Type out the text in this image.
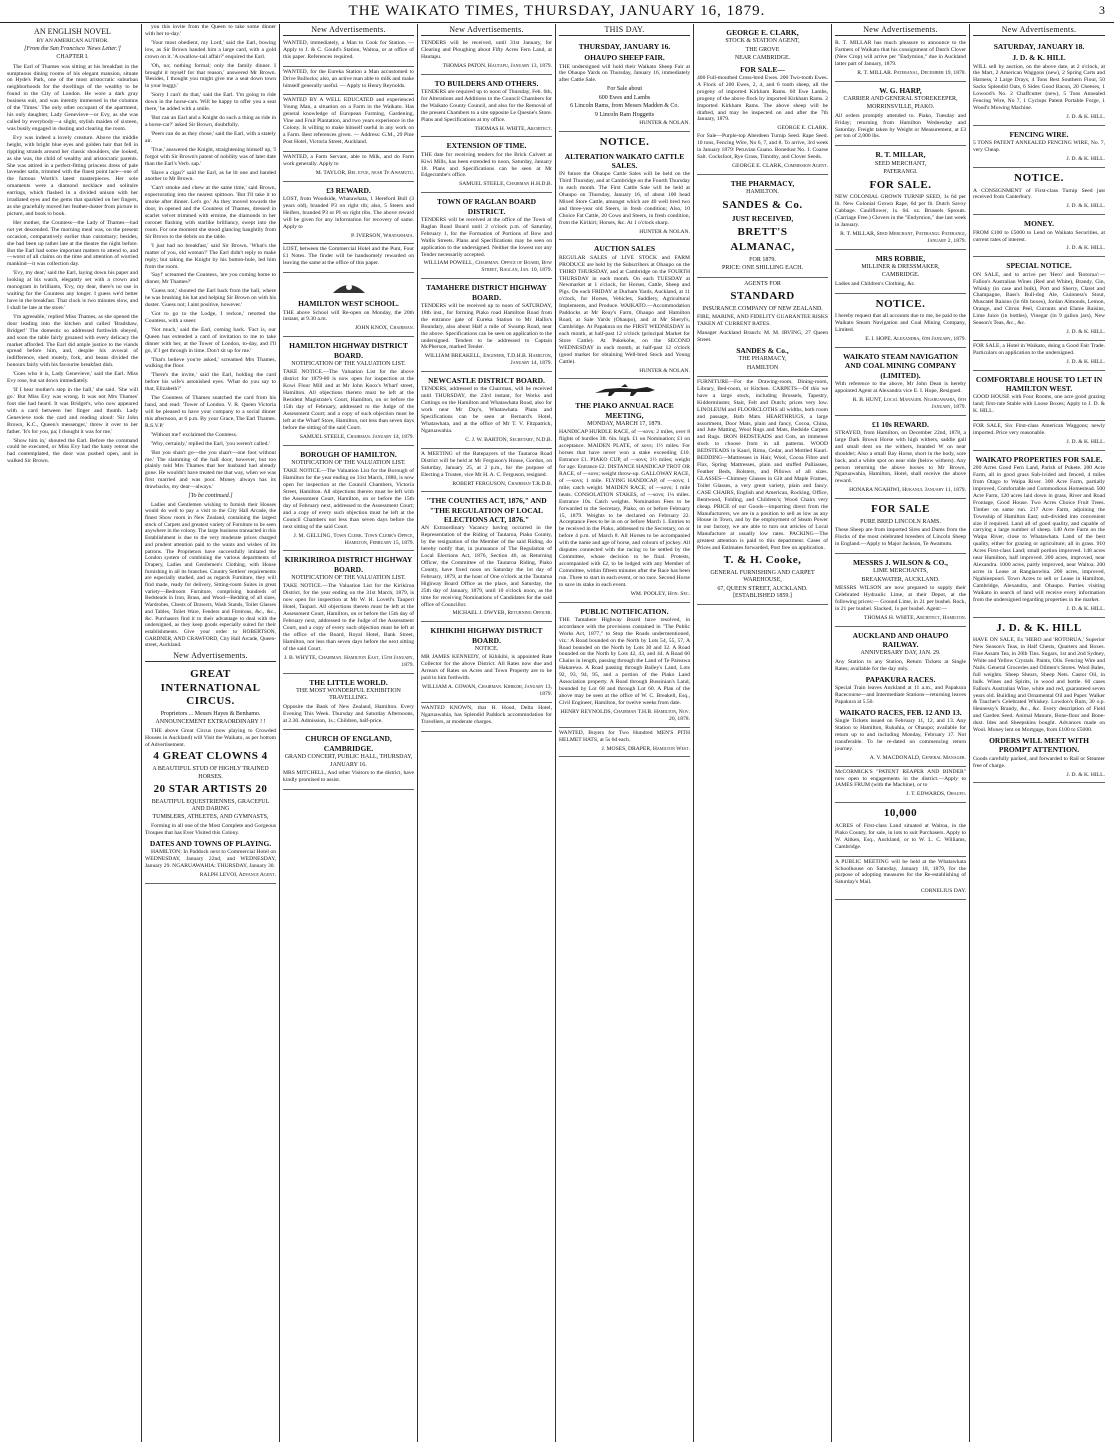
THE WAIKATO TIMES, THURSDAY, JANUARY 16, 1879.	3
AN ENGLISH NOVEL
BY AN AMERICAN AUTHOR.
[From the San Francisco 'News Letter.']
CHAPTER I.

The Earl of Thames was sitting at his breakfast in the sumptuous dining rooms of his elegant mansion, situate on Hyde's Park, one of the most aristocratic suburban neighborhoods for the dwellings of the wealthy to be found in the City of London. He wore a dark gray business suit, and was intently immersed in the columns of the 'Times.' The only other occupant of the apartment, his only daughter, Lady Genevieve—or Evy, as she was called by everybody—a slight, stylish maiden of sixteen, was busily engaged in dusting and clearing the room.

Evy was indeed a lovely creature. Above the middle height, with bright blue eyes and golden hair that fell in rippling strands around her classic shoulders, she looked, as she was, the child of wealthy and aristocratic parents. She was attired in a perfect-fitting princess dress of pale lavender satin, trimmed with the finest point lace—one of the famous Worth's latest masterpieces. Her sole ornaments were a diamond necklace and solitaire earrings, which flashed in a divided unison with her irradiated eyes and the gems that sparkled on her fingers, as she gracefully moved her feather-duster from picture to picture, and book to book.

Her mother, the Countess—the Lady of Thames—had not yet descended. The morning meal was, on the present occasion, comparatively earlier than customary; besides, she had been up rather late at the theatre the night before. But the Earl had some important matters to attend to, and—worst of all claims on the time and attention of worried mankind—it was collection day.

'Evy, my dear,' said the Earl, laying down his paper and looking at his watch, elegantly set with a crown and monogram in brilliants, 'Evy, my dear, there's no use in waiting for the Countess any longer. I guess we'd better have in the breakfast. That clock is two minutes slow, and I shall be late at the store.'

'I'm agreeable,' replied Miss Thames, as she opened the door leading into the kitchen and called 'Bradshaw, Bridget!' The domestic so addressed forthwith obeyed, and soon the table fairly groaned with every delicacy the market afforded. The Earl did ample justice to the viands spread before him, and, despite his avowal of indifference, shed mutely, fork, and beans divided the honours fairly with his favourite breakfast dish.

'Goes who it is, Lady Genevieve,' said the Earl. Miss Evy rose, but sat down immediately.

'If I hear mother's step in the hall,' she said. 'She will go.' But Miss Evy was wrong. It was not Mrs Thames' foot she had heard. It was Bridget's, who now appeared with a card between her finger and thumb. Lady Genevieve took the card and reading aloud: 'Sir John Brown, K.C., Queen's messenger,' threw it over to her father. 'It's for you, pa; I thought it was for me.'

'Show him in,' shouted the Earl. Before the command could be executed, or Miss Evy had the hasty retreat she had contemplated, the door was pushed open, and in walked Sir Brown.

you this invite from the Queen to take some dinner with her to-day.'

'Your most obedient, my Lord,' said the Earl, bowing low, as Sir Brown handed him a large card, with a gold crown on it. 'A swallow-tail affair?' enquired the Earl.

'Oh, no; nothing formal; only the family dinner. I brought it myself for that reason,' answered Mr Brown. 'Besides, I thought you might give me a seat down town in your buggy.'

'Sorry I can't do that,' said the Earl. 'I'm going to ride down in the horse-cars. Will be happy to offer you a seat there,' he added with a smile.

'But can an Earl and a Knight do such a thing as ride in a horse-car?' asked Sir Brown, doubtfully.

'Peers can do as they chose,' said the Earl, with a stately air.

'True,' answered the Knight, straightening himself up, 'I forgot with Sir Brown's patent of nobility was of later date than the Earl's Verb. sap.'

'Have a cigar?' said the Earl, as he lit one and handed another to Mr Brown.

'Can't smoke and chew at the same time,' said Brown, expectorating into the nearest spittoon. 'But I'll take it to smoke after dinner. Let's go.' As they moved towards the door, in opened and the Countess of Thames, dressed in scarlet velvet trimmed with ermine, the diamonds in her coronet flashing with starlike brilliancy, swept into the room. For one moment she stood glancing haughtily from Sir Brown to the debris on the table.

'I just had no breakfast,' said Sir Brown. 'What's the matter of you, old woman?' The Earl didn't reply to make reply; but taking the Knight by his button-hole, led him from the room.

'Say!' screamed the Countess, 'are you coming home to dinner, Mr Thames?'

'Guess not,' shouted the Earl back from the hall, where he was brushing his hat and helping Sir Brown on with his duster. 'Guess not; I aint positive, however.'

'Got to go to the Lodge, I reckon,' retorted the Countess, with a sneer.

'Not much,' said the Earl, coming back. 'Fact is, our Queen has extended a card of invitation to me to take dinner with her, at the Tower of London, to-day, and I'll go, if I get through in time. Don't sit up for me.'

'That's believe you're asked,' screamed Mrs Thames, walking the floor.

'There's the invite,' said the Earl, holding the card before his wife's astonished eyes. 'What do you say to that, Elizabeth?'

The Countess of Thames snatched the card from his hand, and read: 'Tower of London. V. R. Queen Victoria will be pleased to have your company to a social dinner this afternoon, at 6 p.m. By your Grace, The Earl Thames. R.S.V.P.'

'Without me!' exclaimed the Countess.

'Why, certainly,' replied the Earl, 'you weren't called.'

'But you shan't go—the you shan't—one foot without me.' The slamming of the hall door, however, but too plainly told Mrs Thames that her husband had already gone. He wouldn't have treated me that way, when we was first married and was poor. Money always has its drawbacks, my dear—always.'

[To be continued.]

Ladies and Gentlemen wishing to furnish their Houses would do well to pay a visit to the City Hall Arcade, the finest Show room in New Zealand, containing the largest stock of Carpets and greatest variety of Furniture to be seen anywhere in the colony. The large business transacted in this Establishment is due to the very moderate prices charged and prudent attention paid to the wants and wishes of its patrons. The Proprietors have successfully imitated the London system of combining the various departments of Drapery, Ladies and Gentlemen's Clothing, with House furnishing in all its branches. Country Settlers' requirements are especially studied, and as regards Furniture, they will find made, ready for delivery, Sitting-room Suites in great variety—Bedroom Furniture, comprising hundreds of Bedsteads in Iron, Brass, and Wood—Bedding of all sizes, Wardrobes, Chests of Drawers, Wash Stands, Toilet Glasses and Tables, Toilet Ware, Fenders and Fireirons, &c., &c., &c. Purchasers find it to their advantage to deal with the undersigned, as they keep goods especially suited for their establishments. Give your order to ROBERTSON, GARDNER, AND CRAWFORD, City Hall Arcade, Queen-street, Auckland.

New Advertisements.
GREAT INTERNATIONAL CIRCUS.
Proprietors ... Messrs Hayes & Benhamo.
ANNOUNCEMENT EXTRAORDINARY ! !

THE above Great Circus (now playing to Crowded Houses in Auckland) will Visit the Waikato, as per bottom of Advertisement.

4 GREAT CLOWNS 4
A BEAUTIFUL STUD OF HIGHLY TRAINED HORSES.
20 STAR ARTISTS 20
BEAUTIFUL EQUESTRIENNES, GRACEFUL AND DARING
TUMBLERS, ATHLETES, AND GYMNASTS,

Forming in all one of the Most Complete and Gorgeous Troupes that has Ever Visited this Colony.

DATES AND TOWNS OF PLAYING.

HAMILTON: In Paddock next to Commercial Hotel on WEDNESDAY, January 22nd, and WEDNESDAY, January 29. NGARUAWAHIA: THURSDAY, January 30.

RALPH LEVOI, Advance Agent.
New Advertisements.

WANTED, immediately, a Man to Cook for Station. — Apply to J. & C. Gould's Station, Waitoa, or at office of this paper. References required.

WANTED, for the Eureka Station a Man accustomed to Drive Bullocks; also, an active man able to milk and make himself generally useful. — Apply to Henry Reynolds.

WANTED BY A WELL EDUCATED and experienced Young Man, a situation on a Farm in the Waikato. Has general knowledge of European Farming, Gardening, Vine and Fruit Plantation, and two years experience in the Colony. Is willing to make himself useful in any work on a Farm. Best references given. — Address: G.M., 29 Pine Post Hotel, Victoria Street, Auckland.

WANTED, a Farm Servant, able to Milk, and do Farm work generally. Apply to

M. TAYLOR, Bel evue, near Te Awamutu.
£3 REWARD.

LOST, from Woodside, Whatawhata, 1 Hereford Bull (3 years old), branded P3 on right rib; also, 5 Steers and Heifers, branded P3 or PI on right ribs. The above reward will be given for any information for recovery of same. Apply to

P. IVERSON, Whatawhata.

LOST, between the Commercial Hotel and the Punt, Four £1 Notes. The finder will be handsomely rewarded on leaving the same at the office of this paper.

HAMILTON WEST SCHOOL.

THE above School will Re-open on Monday, the 20th instant, at 9.30 a.m.

JOHN KNOX, Chairman.
HAMILTON HIGHWAY DISTRICT BOARD.
NOTIFICATION OF THE VALUATION LIST.

TAKE NOTICE.—The Valuation List for the above district for 1879-80 is now open for inspection at the Kowi Flour Mill and at Mr John Knox's Wharf street, Hamilton. All objections thereto must be left at the Resident Magistrate's Court, Hamilton, on or before the 15th day of February, addressed to the Judge of the Assessment Court; and a copy of such objection must be left at the Wharf Store, Hamilton, not less than seven days before the sitting of the said Court.

SAMUEL STEELE, Chairman. January 14, 1879.
BOROUGH OF HAMILTON.
NOTIFICATION OF THE VALUATION LIST.

TAKE NOTICE.—The Valuation List for the Borough of Hamilton for the year ending on 31st March, 1880, is now open for inspection at the Council Chambers, Victoria Street, Hamilton. All objections thereto must be left with the Assessment Court, Hamilton, on or before the 15th day of February next, addressed to the Assessment Court; and a copy of every such objection must be left at the Council Chambers not less than seven days before the next sitting of the said Court.

J. M. GELLING, Town Clerk. Town Clerk's Office, Hamilton, February 15, 1879.
KIRIKIRIROA DISTRICT HIGHWAY BOARD.
NOTIFICATION OF THE VALUATION LIST.

TAKE NOTICE.—The Valuation List for the Kirikiroa District, for the year ending on the 31st March, 1879, is now open for inspection at Mr W. H. Lovell's Tauperi Hotel, Taupari. All objections thereto must be left at the Assessment Court, Hamilton, on or before the 15th day of February next, addressed to the Judge of the Assessment Court, and a copy of every such objection must be left at the office of the Board, Royal Hotel, Bank Street, Hamilton, not less than seven days before the next sitting of the said Court.

J. B. WHYTE, Chairman. Hamilton East, 15th January, 1879.
THE LITTLE WORLD.
THE MOST WONDERFUL EXHIBITION TRAVELLING.

Opposite the Bank of New Zealand, Hamilton. Every Evening This Week. Thursday and Saturday Afternoons, at 2.30. Admission, 1s.; Children, half-price.

CHURCH OF ENGLAND, CAMBRIDGE.
GRAND CONCERT, PUBLIC HALL, THURSDAY, JANUARY 16.

MRS MITCHELL, And other Visitors to the district, have kindly promised to assist.

New Advertisements.

TENDERS will be received, until 31st January, for Clearing and Ploughing about Fifty Acres Fern Land, at Hautapu.

THOMAS PATON. Hautapu, January 13, 1879.
TO BUILDERS AND OTHERS.

TENDERS are required up to noon of Thursday, Feb. 6th, for Alterations and Additions to the Council Chambers for the Waikato County Council, and also for the Removal of the present Chambers to a site opposite Le Quesne's Store. Plans and Specifications at my office.

THOMAS H. WHITE, Architect.
EXTENSION OF TIME.

THE date for receiving tenders for the Brick Culvert at Kiwi Mills, has been extended to noon, Saturday, January 18. Plans and Specifications can be seen at Mr Edgecumbe's office.

SAMUEL STEELE, Chairman H.H.D.B.
TOWN OF RAGLAN BOARD DISTRICT.

TENDERS will be received at the office of the Town of Raglan Road Board until 2 o'clock p.m. of Saturday, February 1, for the Formation of Portions of Bow and Wallis Streets. Plans and Specifications may be seen on application to the undersigned. Neither the lowest nor any Tender necessarily accepted.

WILLIAM POWELL, Chairman. Office of Board, Bow Street, Raglan, Jan. 10, 1879.
TAMAHERE DISTRICT HIGHWAY BOARD.

TENDERS will be received up to noon of SATURDAY, 18th inst., for forming Piako road Hamilton Road from the entrance gate of Eureka Station to Mr Hallis's Boundary, also about Half a mile of Swamp Road, near the above. Specifications can be seen on application to the undersigned. Tenders to be addressed to Captain McPherson, marked Tender.

WILLIAM BREAKELL, Engineer, T.D.H.B. Hamilton, January 14, 1879.
NEWCASTLE DISTRICT BOARD.

TENDERS, addressed to the Chairman, will be received until THURSDAY, the 23rd instant, for Works and Cuttings on the Hamilton and Whatawhata Road, also for work near Mr Day's, Whatawhata. Plans and Specifications can be seen at Bernard's Hotel, Whatawhata, and at the office of Mr T. V. Fitzpatrick, Ngaruawahia.

C. J. W. BARTON, Secretary, N.D.B.

A MEETING of the Ratepayers of the Tautaroa Road District will be held at Mr Ferguson's House, Gordon, on Saturday, January 25, at 2 p.m., for the purpose of Electing a Trustee, vice Mr H. A. C. Ferguson, resigned.

ROBERT FERGUSON, Chairman T.R.D.B.
"THE COUNTIES ACT, 1876," AND "THE REGULATION OF LOCAL ELECTIONS ACT, 1876."

AN Extraordinary Vacancy having occurred in the Representation of the Riding of Tautaroa, Piako County, by the resignation of the Member of the said Riding, do hereby notify that, in pursuance of The Regulation of Local Elections Act, 1876, Section 46, as Returning Officer, the Committee of the Tautaroa Riding, Piako County, have fixed noon on Saturday the 1st day of February, 1879, at the hour of One o'clock at the Tautaroa Highway Board Office as the place, and Saturday, the 25th day of January, 1879, until 10 o'clock noon, as the time for receiving Nominations of Candidates for the said office of Councillor.

MICHAEL J. DWYER, Returning Officer.
KIHIKIHI HIGHWAY DISTRICT BOARD.
NOTICE.

MR JAMES KENNEDY, of Kihikihi, is appointed Rate Collector for the above District. All Rates now due and Arrears of Rates on Acres and Town Property are to be paid to him forthwith.

WILLIAM A. COWAN, Chairman. Kihikihi, January 13, 1879.

WANTED KNOWN, that H. Hood, Delta Hotel, Ngaruawahia, has Splendid Paddock accommodation for Travellers, at moderate charges.

THIS DAY.
THURSDAY, JANUARY 16.
OHAUPO SHEEP FAIR.

THE undersigned will hold their Waikato Sheep Fair at the Ohaupo Yards on Thursday, January 16, immediately after Cattle Sale.

For Sale about
600 Ewes and Lambs
6 Lincoln Rams, from Messrs Madden & Co.
9 Lincoln Ram Hoggetts
HUNTER & NOLAN.
NOTICE.
ALTERATION WAIKATO CATTLE SALES.

IN future the Ohaupo Cattle Sales will be held on the Third Thursday, and at Cambridge on the Fourth Thursday in each month. The First Cattle Sale will be held at Ohaupo on Thursday, January 16, of about 100 head Mixed Store Cattle, amongst which are 40 well bred two and three-year old Steers, in fresh condition; Also, 10 Choice Fat Cattle, 20 Cows and Steers, in fresh condition, from the Kirikiri; Horses, &c. At 1 o'clock sharp.

HUNTER & NOLAN.
AUCTION SALES

REGULAR SALES of LIVE STOCK and FARM PRODUCE are held by the Subscribers at Ohaupo on the THIRD THURSDAY, and at Cambridge on the FOURTH THURSDAY in each month. On each TUESDAY at Newmarket at 1 o'clock, for Horses, Cattle, Sheep and Pigs. On each FRIDAY at Durham Yards, Auckland, at 11 o'clock, for Horses, Vehicles, Saddlery, Agricultural Implements, and Produce. WAIKATO.—Accommodation Paddocks at Mr Reay's Farm, Ohaupo and Hamilton Road, at Sale Yards (Ohaupo), and at Mr Sheryl's, Cambridge. At Papakura on the FIRST WEDNESDAY in each month, at half-past 12 o'clock (principal Market for Store Cattle). At Pukekohe, on the SECOND WEDNESDAY in each month, at half-past 12 o'clock (good market for obtaining Well-bred Stock and Young Cattle).

HUNTER & NOLAN.
THE PIAKO ANNUAL RACE MEETING,
MONDAY, MARCH 17, 1879.

HANDICAP HURDLE RACE, of —sovs; 2 miles, over 8 flights of hurdles 3ft. 6in. high. £1 on Nomination; £1 on acceptance. MAIDEN PLATE, of sovs; 1½ miles. For horses that have never won a stake exceeding £10. Entrance £1. PIAKO CUP, of —sovs; 1½ miles; weight for age. Entrance £2. DISTANCE HANDICAP TROT OR RACE, of —sovs; weight throw-up. GALLOWAY RACE, of —sovs; 1 mile. FLYING HANDICAP, of —sovs; 1 mile; catch weight. MAIDEN RACE, of —sovs; 1 mile heats. CONSOLATION STAKES, of —sovs; 1¼ miles. Entrance 10s. Catch weights. Nomination Fees to be forwarded to the Secretary, Piako, on or before February 15, 1879. Weights to be declared on February 22. Acceptance Fees to be in on or before March 1. Entries to be received in the Piako, addressed to the Secretary, on or before 4 p.m. of March 8. All Horses to be accompanied with the name and age of horse, and colours of jockey. All disputes connected with the racing to be settled by the Committee, whose decision to be final. Protests, accompanied with £2, to be lodged with any Member of Committee, within fifteen minutes after the Race has been run. Three to start in each event, or no race. Second Horse to save its stake in each event.

WM. POOLEY, Hon. Sec.
PUBLIC NOTIFICATION.

THE Tamahere Highway Board have resolved, in accordance with the provisions contained in "The Public Works Act, 1877," to Stop the Roads undermentioned, viz.: A Road bounded on the North by Lots 54, 55, 57, A Road bounded on the North by Lots 30 and 32. A Road bounded on the North by Lots 42, 43, and 44. A Road 60 Chains in length, passing through the Land of Te Pareawa Hakarewa. A Road passing through Bailey's Land, Lots 92, 93, 94, 95, and a portion of the Piako Land Association property. A Road through Bussinian's Land, bounded by Lot 68 and through Lot 60. A Plan of the above may be seen at the office of W. C. Breakell, Esq., Civil Engineer, Hamilton, for twelve weeks from date.

HENRY REYNOLDS, Chairman T.H.B. Hamilton, Nov. 20, 1878.

WANTED, Buyers for Two Hundred MEN'S PITH HELMET HATS, at 5s 6d each.

J. MOSES, DRAPER, Hamilton West.
GEORGE E. CLARK,
STOCK & STATION AGENT,
THE GROVE
NEAR CAMBRIDGE.
FOR SALE—

400 Full-mouthed Cross-bred Ewes. 200 Two-tooth Ewes. A Flock of 200 Ewes, 2, 4, and 6 tooth sheep, all the progeny of imported Kirkham Rams. 60 Ewe Lambs, progeny of the above flock by imported Kirkham Rams. 2 Imported Kirkham Rams. The above sheep will be drafted, and may be inspected on and after the 7th January, 1879.

GEORGE E. CLARK.

For Sale—Purple-top Aberdeen Turnip Seed. Rape Seed. 10 tons, Fencing Wire, No 6, 7, and 8. To arrive, 3rd week in January 1879: Peruvian Guano. Bonedust No. 1. Coarse Salt. Cocksfoot, Rye Grass, Timothy, and Clover Seeds.

GEORGE E. CLARK, Commission Agent.
THE PHARMACY,
HAMILTON.
SANDES & Co.
JUST RECEIVED,
BRETT'S
ALMANAC,
FOR 1879.
PRICE: ONE SHILLING EACH.
AGENTS FOR
STANDARD
INSURANCE COMPANY OF NEW ZEALAND.

FIRE, MARINE, AND FIDELITY GUARANTEE RISKS TAKEN AT CURRENT RATES.

Manager Auckland Branch: M. M. IRVING, 27 Queen Street.

SANDES & Co.,
THE PHARMACY,
HAMILTON

FURNITURE—For the Drawing-room, Dining-room, Library, Bed-room, or Kitchen. CARPETS—Of this we have a large stock, including Brussels, Tapestry, Kidderminster, Stair, Felt and Dutch; prices very low. LINOLEUM and FLOORCLOTHS all widths, both room and passage, Bath Mats. HEARTHRUGS, a large assortment, Door Mats, plain and fancy, Cocoa, China, and Jute Matting, Wool Rugs and Mats, Bedside Carpets and Rugs. IRON BEDSTEADS and Cots, an immense stock to choose from in all patterns. WOOD BEDSTEADS in Kauri, Rimu, Cedar, and Mottled Kauri. BEDDING—Mattresses in Hair, Wool, Cocoa Fibre and Flax, Spring Mattresses, plain and stuffed Palliasses, Feather Beds, Bolsters, and Pillows of all sizes. GLASSES—Chimney Glasses in Gilt and Maple Frames, Toilet Glasses, a very great variety, plain and fancy. CASE CHAIRS, English and American, Rocking, Office, Bentwood, Folding, and Children's; Wood Chairs very cheap. PRICE of our Goods—importing direct from the Manufacturers, we are in a position to sell as low as any House in Town, and by the employment of Steam Power in our factory, we are able to turn out articles of Local Manufacture at usually low rates. PACKING—The greatest attention is paid to this department. Cases of Prices and Estimates forwarded, Post free on application.

T. & H. Cooke,
GENERAL FURNISHING AND CARPET WAREHOUSE,
67, QUEEN STREET, AUCKLAND. [ESTABLISHED 1859.]
New Advertisements.

R. T. MILLAR has much pleasure to announce to the Farmers of Waikato that his consignment of Dutch Clover (New Crop) will arrive per "Endymion," due in Auckland latter part of January, 1879.

R. T. MILLAR. Pateranal, December 19, 1878.
W. G. HARP,
CARRIER AND GENERAL STOREKEEPER,
MORRINSVILLE, PIAKO.

All orders promptly attended to. Piako, Tuesday and Friday; returning from Hamilton Wednesday and Saturday. Freight taken by Weight or Measurement, at £3 per ton of 2,000 lbs.

R. T. MILLAR,
SEED MERCHANT,
PATERANGI.
FOR SALE.

NEW COLONIAL GROWN TURNIP SEED, 1s 6d per lb. New Colonial Grown Rape, 6d per lb. Dutch Savoy Cabbage. Cauliflower, 1s. 6d. oz. Brussels Sprouts. (Carriage Free.) Clovers in the "Endymion," due last week in January.

R. T. MILLAR, Seed Merchant, Paterangi. Paterangi, January 2, 1879.
MRS ROBBIE,
MILLINER & DRESSMAKER,
CAMBRIDGE.

Ladies and Children's Clothing, &c.

NOTICE.

I hereby request that all accounts due to me, be paid to the Waikato Steam Navigation and Coal Mining Company, Limited.

E. I. HOPE. Alexandra, 6th January, 1879.
WAIKATO STEAM NAVIGATION AND COAL MINING COMPANY (LIMITED).

With reference to the above, Mr John Dean is hereby appointed Agent at Alexandra vice E. I. Hope, Resigned.

R. B. HUNT, Local Manager. Ngaruawahia, 6th January, 1879.
£1 10s REWARD.

STRAYED, from Hamilton, on December 22nd, 1878, a large Dark Brown Horse with high withers, saddle gall and small dent on the withers, branded W on near shoulder; Also a small Bay Horse, short in the body, sore back, and a white spot on near side (below withers). Any person returning the above horses to Mr Brown, Ngaruawahia, Hamilton, Hotel, shall receive the above reward.

HONARA NGAHIWI, Hukanui. January 11, 1879.
FOR SALE
PURE BRED LINCOLN RAMS.

These Sheep are from imported Sires and Dams from the Flocks of the most celebrated breeders of Lincoln Sheep in England.—Apply to Major Jackson, Te Awamutu.

MESSRS J. WILSON & CO.,
LIME MERCHANTS,
BREAKWATER, AUCKLAND.

MESSRS WILSON are now prepared to supply their Celebrated Hydraulic Lime, at their Depot, at the following prices:— Ground Lime, in 21 per bushel. Rock, in 21 per bushel. Slacked, 1s per bushel. Agent:—

THOMAS H. WHITE, Architect, Hamilton.
AUCKLAND AND OHAUPO RAILWAY.
ANNIVERSARY DAY, JAN. 29.

Any Station to any Station, Return Tickets at Single Rates; available for the day only.

PAPAKURA RACES.

Special Train leaves Auckland at 11 a.m., and Papakura Racecourse—and Intermediate Stations—returning leaves Papakura at 5.50.

WAIKATO RACES, FEB. 12 AND 13.

Single Tickets issued on February 11, 12, and 13. Any Station to Hamilton, Rukuhia, or Ohaupo; available for return up to and including Monday, February 17. Not transferable. To be re-dated on commencing return journey.

A. V. MACDONALD, General Manager.

McCORMICK'S "PATENT REAPER AND BINDER" now open to engagements in the district.—Apply to JAMES FRUM (with the Machine), or to

J. T. EDWARDS, Ohaupo.
10,000

ACRES of First-class Land situated at Waitoa, in the Piako County, for sale, in lots to suit Purchasers. Apply to W. Aitken, Esq., Auckland, or to W. L. C. Williams, Cambridge.

A PUBLIC MEETING will be held at the Whatawhata Schoolhouse on Saturday, January 18, 1879, for the purpose of adopting measures for the Re-establishing of Saturday's Mail.

CORNELIUS DAY.
New Advertisements.
SATURDAY, JANUARY 18.
J. D. & K. HILL

WILL sell by auction, on the above date, at 2 o'clock, at the Mart, 2 American Waggons (new), 2 Spring Carts and Harness, 2 Large Drays, 4 Tons Best Southern Flour, 50 Sacks Splendid Oats, 6 Sides Good Bacon, 20 Cheeses, 1 Lowood's No. 2 Chaffcutter (new), 5 Tons Annealed Fencing Wire, No 7, 1 Cyclops Patent Portable Forge, 1 Wood's Mowing Machine.

J. D. & K. HILL.
FENCING WIRE.

5 TONS PATENT ANNEALED FENCING WIRE, No. 7, very Cheap.

J. D. & K. HILL.
NOTICE.

A CONSIGNMENT of First-class Turnip Seed just received from Canterbury.

J. D. & K. HILL.
MONEY.

FROM £100 to £5000 to Lend on Waikato Securities, at current rates of interest.

J. D. & K. HILL.
SPECIAL NOTICE.

ON SALE, and to arrive per 'Hero' and 'Rotorua':— Fallon's Australian Wines (Red and White), Brandy, Gin, Whisky (in case and bulk), Port and Sherry, Claret and Champagne, Bass's Bull-dog Ale, Guinness's Stout, Muscatel Raisins (in 6lb boxes), Jordan Almonds, Lemon, Orange, and Citron Peel, Currants and Elame Raisins, Lime Juice (in bottles), Vinegar (in 9 gallon jars), New Season's Teas, &c., &c.

J. D. & K. HILL.

FOR SALE, a Hotel in Waikato, doing a Good Fair Trade. Particulars on application to the undersigned.

J. D. & K. HILL.
COMFORTABLE HOUSE TO LET IN HAMILTON WEST.

GOOD HOUSE with Four Rooms, one acre good grazing land; first-rate Stable with Loose Boxes; Apply to J. D. & K. HILL.

FOR SALE, Six First-class American Waggons; newly imported. Price very reasonable.

J. D. & K. HILL.
WAIKATO PROPERTIES FOR SALE.

200 Acres Good Fern Land, Parish of Pukete. 200 Acre Farm, all in good grass Sub-ivided and fenced, 4 miles from Otago to Waipa River. 300 Acre Farm, partially improved, Comfortable and Commodious Homestead. 500 Acre Farm, 120 acres laid down in grass, River and Road Frontage, Good House. Two Acres Choice Fruit Trees. Timber on same run. 217 Acre Farm, adjoining the Township of Hamilton East; sub-divided into convenient size if required. Land all of good quality, and capable of carrying a large number of sheep. 140 Acre Farm on the Waipa River, close to Whatawhata. Land of the best quality, either for grazing or agriculture; all in grass. 910 Acres First-class Land; small portion improved. 148 acres near Hamilton, half improved. 200 acres, improved, near Alexandra. 1000 acres, partly improved, near Waitoa. 200 acres in Lease at Rangiaowhia. 200 acres, improved, Ngahinepouri. Town Acres to sell or Lease in Hamilton, Cambridge, Alexandra, and Ohaupo. Parties visiting Waikato in search of land will receive every information from the undersigned regarding properties in the market.

J. D. & K. HILL.
J. D. & K. HILL

HAVE ON SALE, Ex 'HERO and 'ROTORUA,' Superior New Season's Teas, in Half Chests, Quarters and Boxes. Fine Assam Tea, in 20lb Tins. Sugars, 1st and 2nd Sydney, White and Yellow Crystals. Paints, Oils. Fencing Wire and Nails. General Groceries and Oilmen's Stores. Wool Bales, full weights. Sheep Shears, Sheep Nets. Castor Oil, in bulk. Wines and Spirits, in wood and bottle. 60 cases Fallon's Australian Wine, white and red, guaranteed seven years old. Building and Ornamental Oil and Paper. Walker & Taucher's Celebrated Whiskey. Lowdon's Rum, 30 o.p. Hennessy's Brandy, &c., &c. Every description of Field and Garden Seed. Animal Manure, Bone-flour and Bone-dust. Ides and Sheepskins bought. Advances made on Wool. Money lent on Mortgage, from £100 to £5000.

ORDERS WILL MEET WITH PROMPT ATTENTION.

Goods carefully packed, and forwarded to Rail or Steamer free of charge.

J. D. & K. HILL.
